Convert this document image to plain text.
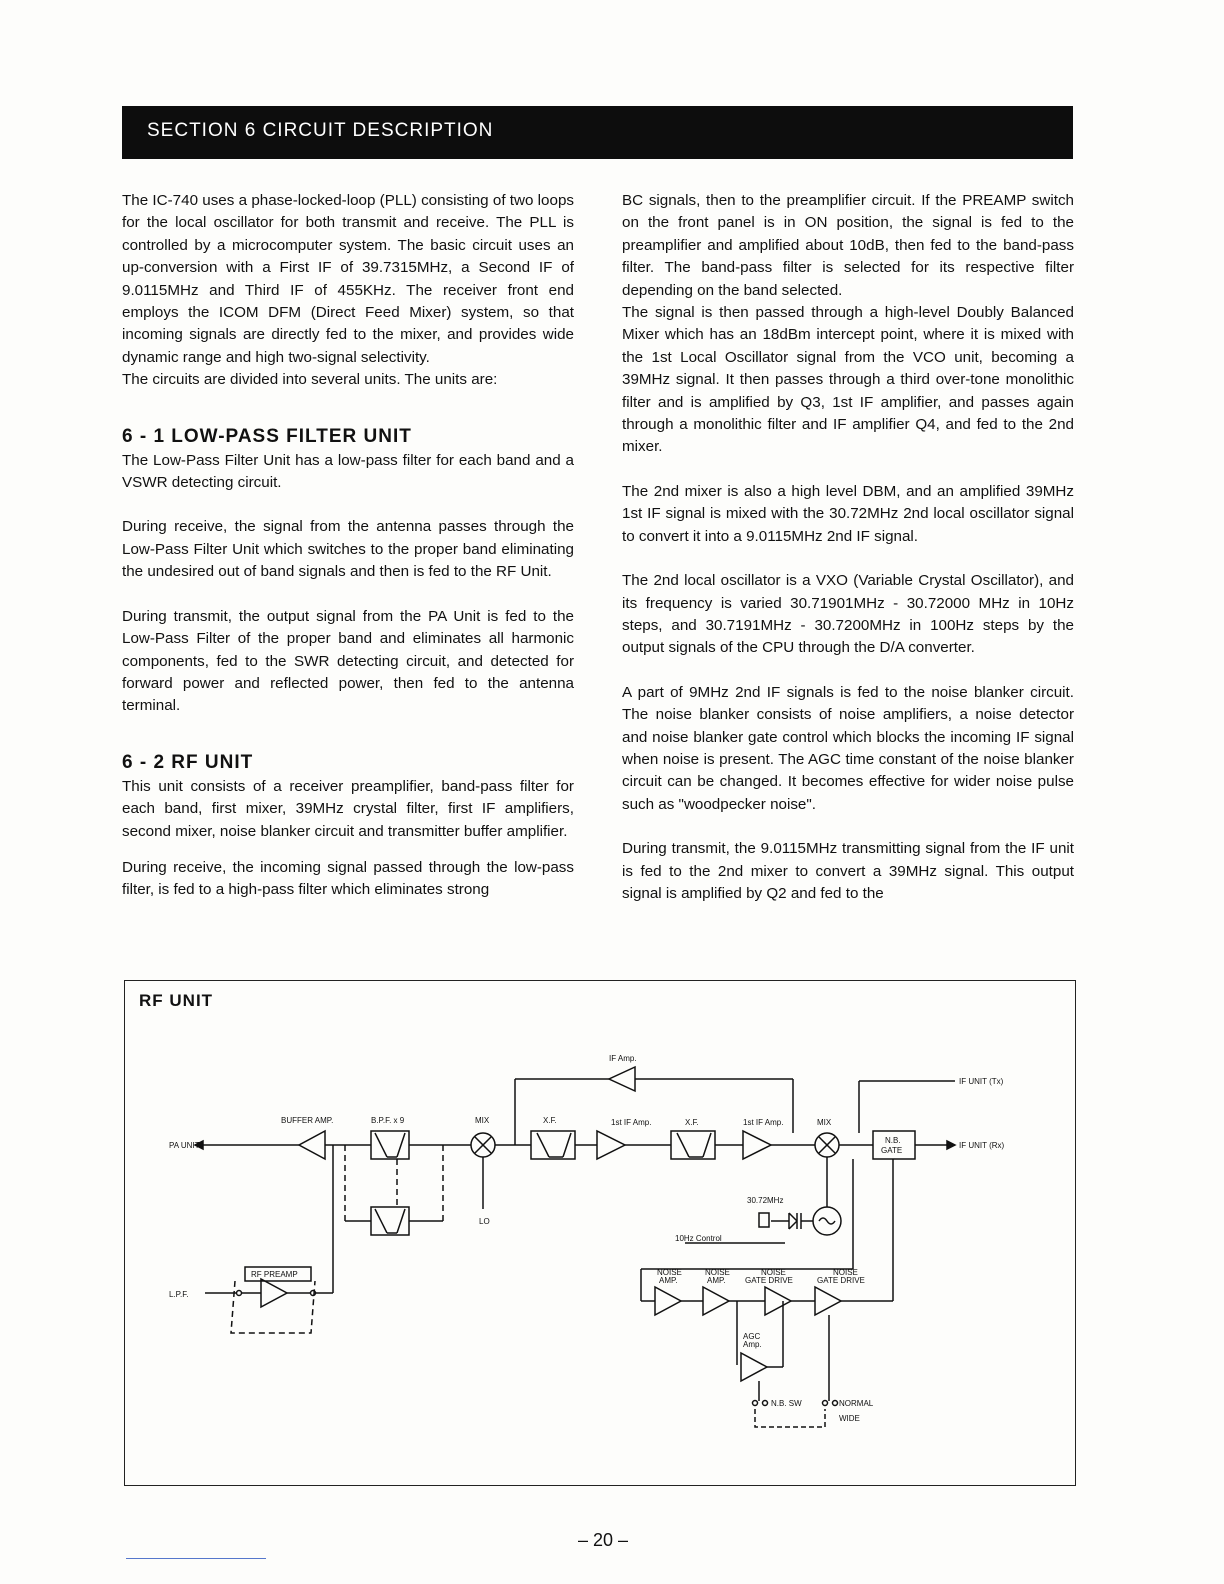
SECTION 6 CIRCUIT DESCRIPTION

The IC-740 uses a phase-locked-loop (PLL) consisting of two loops for the local oscillator for both transmit and receive. The PLL is controlled by a microcomputer system. The basic circuit uses an up-conversion with a First IF of 39.7315MHz, a Second IF of 9.0115MHz and Third IF of 455KHz. The receiver front end employs the ICOM DFM (Direct Feed Mixer) system, so that incoming signals are directly fed to the mixer, and provides wide dynamic range and high two-signal selectivity.

The circuits are divided into several units. The units are:

6 - 1 LOW-PASS FILTER UNIT

The Low-Pass Filter Unit has a low-pass filter for each band and a VSWR detecting circuit.

During receive, the signal from the antenna passes through the Low-Pass Filter Unit which switches to the proper band eliminating the undesired out of band signals and then is fed to the RF Unit.

During transmit, the output signal from the PA Unit is fed to the Low-Pass Filter of the proper band and eliminates all harmonic components, fed to the SWR detecting circuit, and detected for forward power and reflected power, then fed to the antenna terminal.

6 - 2 RF UNIT

This unit consists of a receiver preamplifier, band-pass filter for each band, first mixer, 39MHz crystal filter, first IF amplifiers, second mixer, noise blanker circuit and transmitter buffer amplifier.

During receive, the incoming signal passed through the low-pass filter, is fed to a high-pass filter which eliminates strong

BC signals, then to the preamplifier circuit. If the PREAMP switch on the front panel is in ON position, the signal is fed to the preamplifier and amplified about 10dB, then fed to the band-pass filter. The band-pass filter is selected for its respective filter depending on the band selected.

The signal is then passed through a high-level Doubly Balanced Mixer which has an 18dBm intercept point, where it is mixed with the 1st Local Oscillator signal from the VCO unit, becoming a 39MHz signal. It then passes through a third over-tone monolithic filter and is amplified by Q3, 1st IF amplifier, and passes again through a monolithic filter and IF amplifier Q4, and fed to the 2nd mixer.

The 2nd mixer is also a high level DBM, and an amplified 39MHz 1st IF signal is mixed with the 30.72MHz 2nd local oscillator signal to convert it into a 9.0115MHz 2nd IF signal.

The 2nd local oscillator is a VXO (Variable Crystal Oscillator), and its frequency is varied 30.71901MHz - 30.72000 MHz in 10Hz steps, and 30.7191MHz - 30.7200MHz in 100Hz steps by the output signals of the CPU through the D/A converter.

A part of 9MHz 2nd IF signals is fed to the noise blanker circuit. The noise blanker consists of noise amplifiers, a noise detector and noise blanker gate control which blocks the incoming IF signal when noise is present. The AGC time constant of the noise blanker circuit can be changed. It becomes effective for wider noise pulse such as "woodpecker noise".

During transmit, the 9.0115MHz transmitting signal from the IF unit is fed to the 2nd mixer to convert a 39MHz signal. This output signal is amplified by Q2 and fed to the

RF UNIT
IF Amp.
IF UNIT (Tx)
IF UNIT (Rx)
BUFFER AMP.	B.P.F. x 9	MIX	X.F.	1st IF Amp.	X.F.	1st IF Amp.	MIX
N.B.
GATE
PA UNIT
LO
30.72MHz
10Hz Control
RF PREAMP
L.P.F.
NOISE
AMP.
NOISE
AMP.
NOISE
GATE DRIVE
NOISE
GATE DRIVE
AGC
Amp.
N.B. SW	NORMAL
WIDE
– 20 –
